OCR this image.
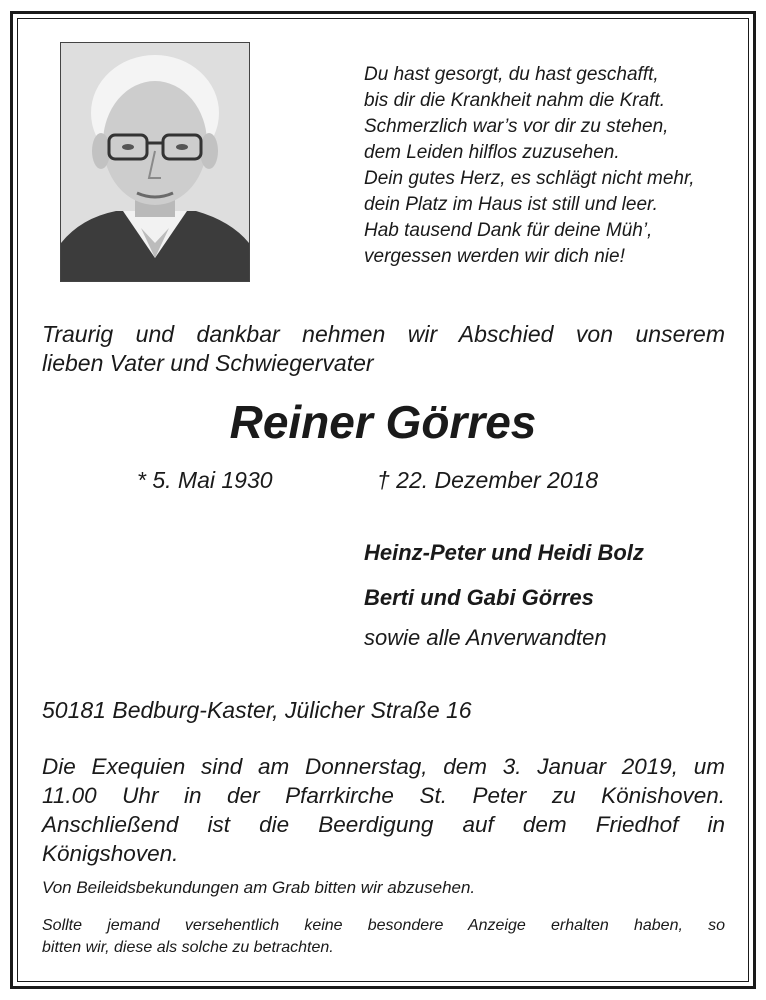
Du hast gesorgt, du hast geschafft,
bis dir die Krankheit nahm die Kraft.
Schmerzlich war’s vor dir zu stehen,
dem Leiden hilflos zuzusehen.
Dein gutes Herz, es schlägt nicht mehr,
dein Platz im Haus ist still und leer.
Hab tausend Dank für deine Müh’,
vergessen werden wir dich nie!
Traurig und dankbar nehmen wir Abschied von unserem
lieben Vater und Schwiegervater
Reiner Görres
* 5. Mai 1930	† 22. Dezember 2018
Heinz-Peter und Heidi Bolz
Berti und Gabi Görres
sowie alle Anverwandten
50181 Bedburg-Kaster, Jülicher Straße 16
Die Exequien sind am Donnerstag, dem 3. Januar 2019, um
11.00 Uhr in der Pfarrkirche St. Peter zu Könishoven.
Anschließend ist die Beerdigung auf dem Friedhof in
Königshoven.
Von Beileidsbekundungen am Grab bitten wir abzusehen.
Sollte jemand versehentlich keine besondere Anzeige erhalten haben, so
bitten wir, diese als solche zu betrachten.
